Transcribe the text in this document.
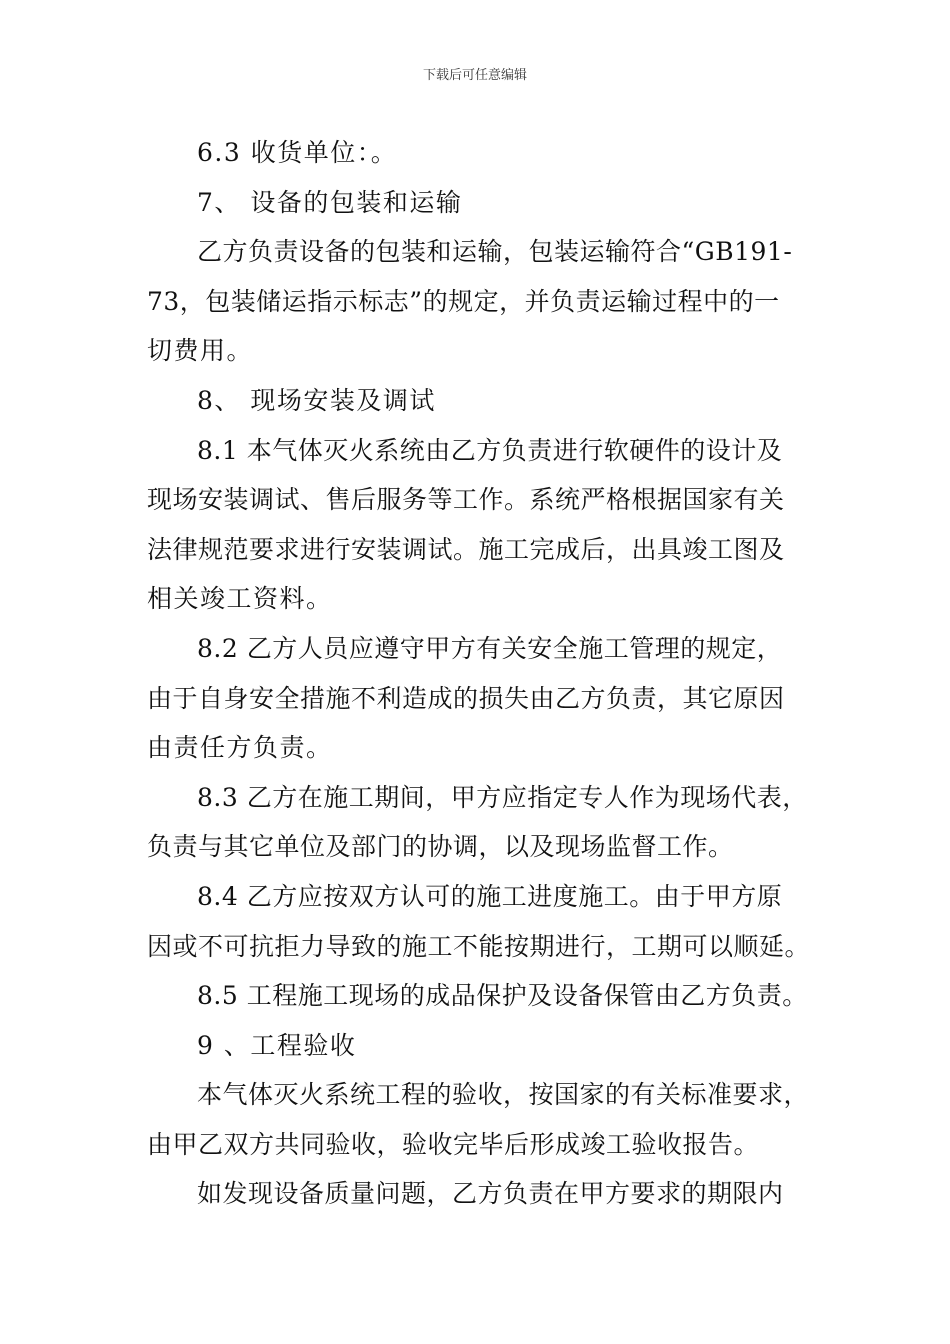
下载后可任意编辑
6.3 收货单位：。
7、 设备的包装和运输
乙方负责设备的包装和运输，包装运输符合“GB191-
73，包装储运指示标志”的规定，并负责运输过程中的一
切费用。
8、 现场安装及调试
8.1 本气体灭火系统由乙方负责进行软硬件的设计及
现场安装调试、售后服务等工作。系统严格根据国家有关
法律规范要求进行安装调试。施工完成后，出具竣工图及
相关竣工资料。
8.2 乙方人员应遵守甲方有关安全施工管理的规定，
由于自身安全措施不利造成的损失由乙方负责，其它原因
由责任方负责。
8.3 乙方在施工期间，甲方应指定专人作为现场代表，
负责与其它单位及部门的协调，以及现场监督工作。
8.4 乙方应按双方认可的施工进度施工。由于甲方原
因或不可抗拒力导致的施工不能按期进行，工期可以顺延。
8.5 工程施工现场的成品保护及设备保管由乙方负责。
9 、工程验收
本气体灭火系统工程的验收，按国家的有关标准要求，
由甲乙双方共同验收，验收完毕后形成竣工验收报告。
如发现设备质量问题，乙方负责在甲方要求的期限内
